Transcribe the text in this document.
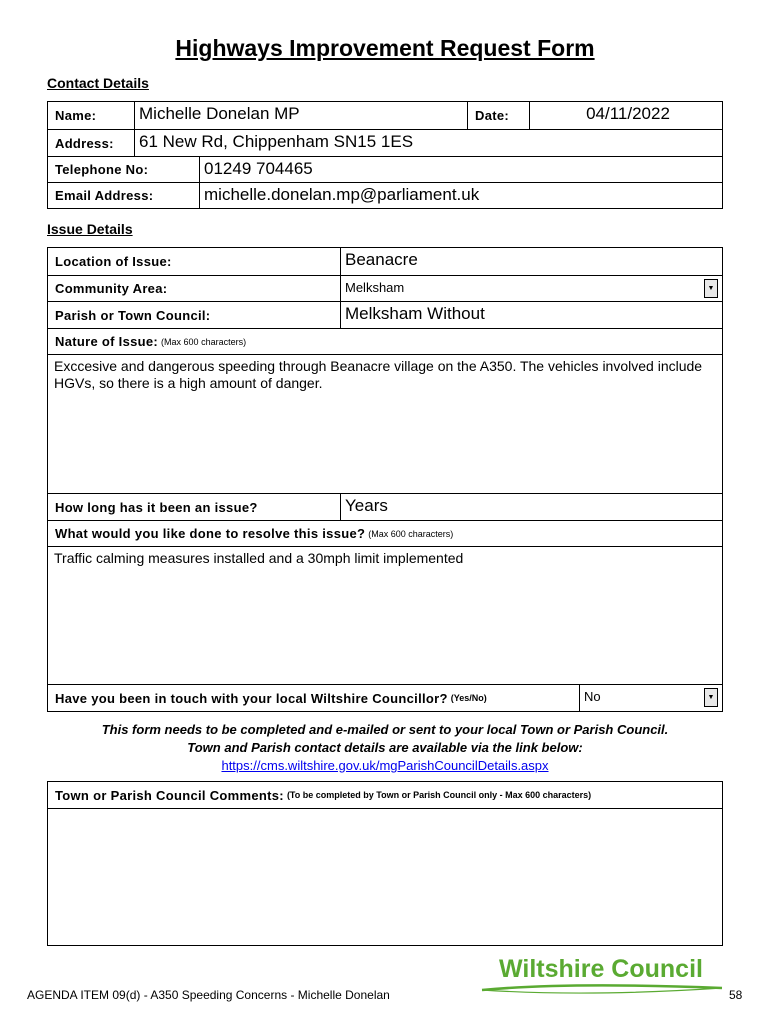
Highways Improvement Request Form
Contact Details
Name:	Michelle Donelan MP	Date:	04/11/2022
Address:	61 New Rd, Chippenham SN15 1ES
Telephone No:	01249 704465
Email Address:	michelle.donelan.mp@parliament.uk
Issue Details
Location of Issue:	Beanacre
Community Area:	Melksham	▼
Parish or Town Council:	Melksham Without
Nature of Issue: (Max 600 characters)
Exccesive and dangerous speeding through Beanacre village on the A350. The vehicles involved include HGVs, so there is a high amount of danger.
How long has it been an issue?	Years
What would you like done to resolve this issue? (Max 600 characters)
Traffic calming measures installed and a 30mph limit implemented
Have you been in touch with your local Wiltshire Councillor? (Yes/No)	No	▼
This form needs to be completed and e-mailed or sent to your local Town or Parish Council.
Town and Parish contact details are available via the link below:
https://cms.wiltshire.gov.uk/mgParishCouncilDetails.aspx
Town or Parish Council Comments: (To be completed by Town or Parish Council only - Max 600 characters)
Wiltshire Council
AGENDA ITEM 09(d) - A350 Speeding Concerns - Michelle Donelan	58
